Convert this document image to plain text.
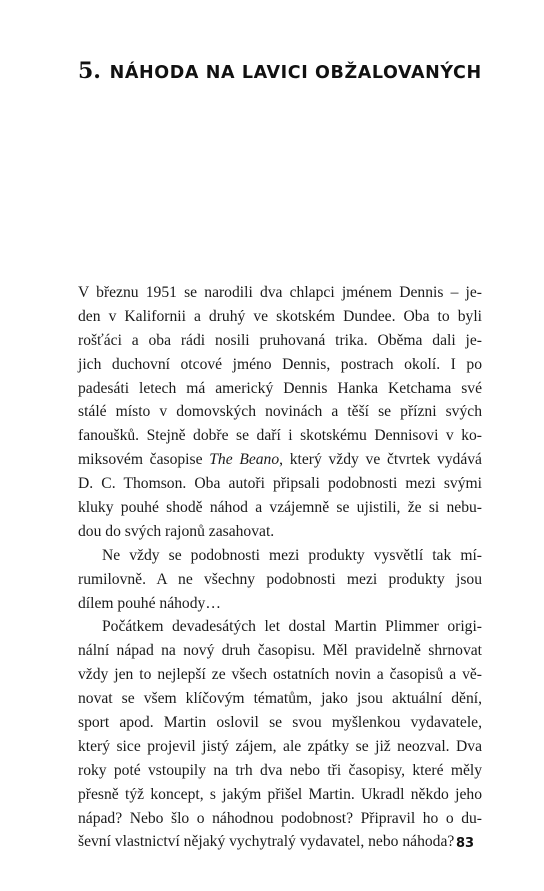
5. NÁHODA NA LAVICI OBŽALOVANÝCH
V březnu 1951 se narodili dva chlapci jménem Dennis – je-
den v Kalifornii a druhý ve skotském Dundee. Oba to byli
rošťáci a oba rádi nosili pruhovaná trika. Oběma dali je-
jich duchovní otcové jméno Dennis, postrach okolí. I po
padesáti letech má americký Dennis Hanka Ketchama své
stálé místo v domovských novinách a těší se přízni svých
fanoušků. Stejně dobře se daří i skotskému Dennisovi v ko-
miksovém časopise The Beano, který vždy ve čtvrtek vydává
D. C. Thomson. Oba autoři připsali podobnosti mezi svými
kluky pouhé shodě náhod a vzájemně se ujistili, že si nebu-
dou do svých rajonů zasahovat.
Ne vždy se podobnosti mezi produkty vysvětlí tak mí-
rumilovně. A ne všechny podobnosti mezi produkty jsou
dílem pouhé náhody…
Počátkem devadesátých let dostal Martin Plimmer origi-
nální nápad na nový druh časopisu. Měl pravidelně shrnovat
vždy jen to nejlepší ze všech ostatních novin a časopisů a vě-
novat se všem klíčovým tématům, jako jsou aktuální dění,
sport apod. Martin oslovil se svou myšlenkou vydavatele,
který sice projevil jistý zájem, ale zpátky se již neozval. Dva
roky poté vstoupily na trh dva nebo tři časopisy, které měly
přesně týž koncept, s jakým přišel Martin. Ukradl někdo jeho
nápad? Nebo šlo o náhodnou podobnost? Připravil ho o du-
ševní vlastnictví nějaký vychytralý vydavatel, nebo náhoda? 83
